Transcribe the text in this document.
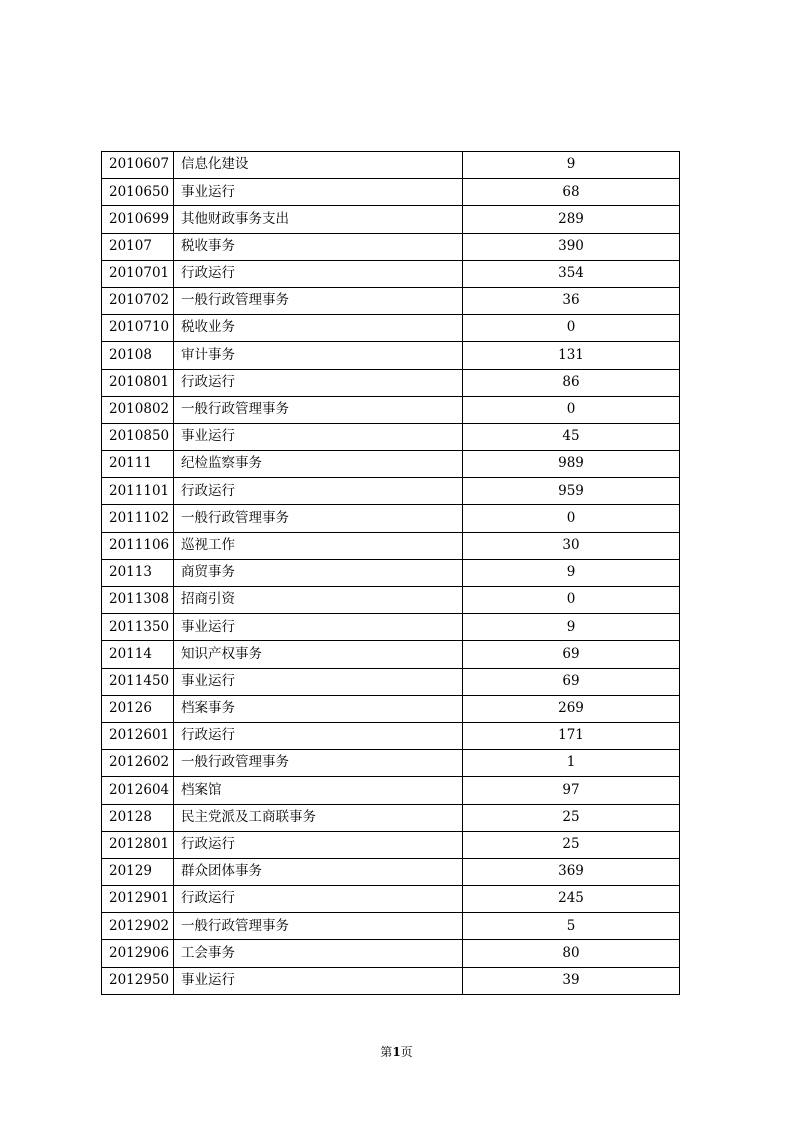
2010607	信息化建设	9
2010650	事业运行	68
2010699	其他财政事务支出	289
20107	税收事务	390
2010701	行政运行	354
2010702	一般行政管理事务	36
2010710	税收业务	0
20108	审计事务	131
2010801	行政运行	86
2010802	一般行政管理事务	0
2010850	事业运行	45
20111	纪检监察事务	989
2011101	行政运行	959
2011102	一般行政管理事务	0
2011106	巡视工作	30
20113	商贸事务	9
2011308	招商引资	0
2011350	事业运行	9
20114	知识产权事务	69
2011450	事业运行	69
20126	档案事务	269
2012601	行政运行	171
2012602	一般行政管理事务	1
2012604	档案馆	97
20128	民主党派及工商联事务	25
2012801	行政运行	25
20129	群众团体事务	369
2012901	行政运行	245
2012902	一般行政管理事务	5
2012906	工会事务	80
2012950	事业运行	39
第1页
